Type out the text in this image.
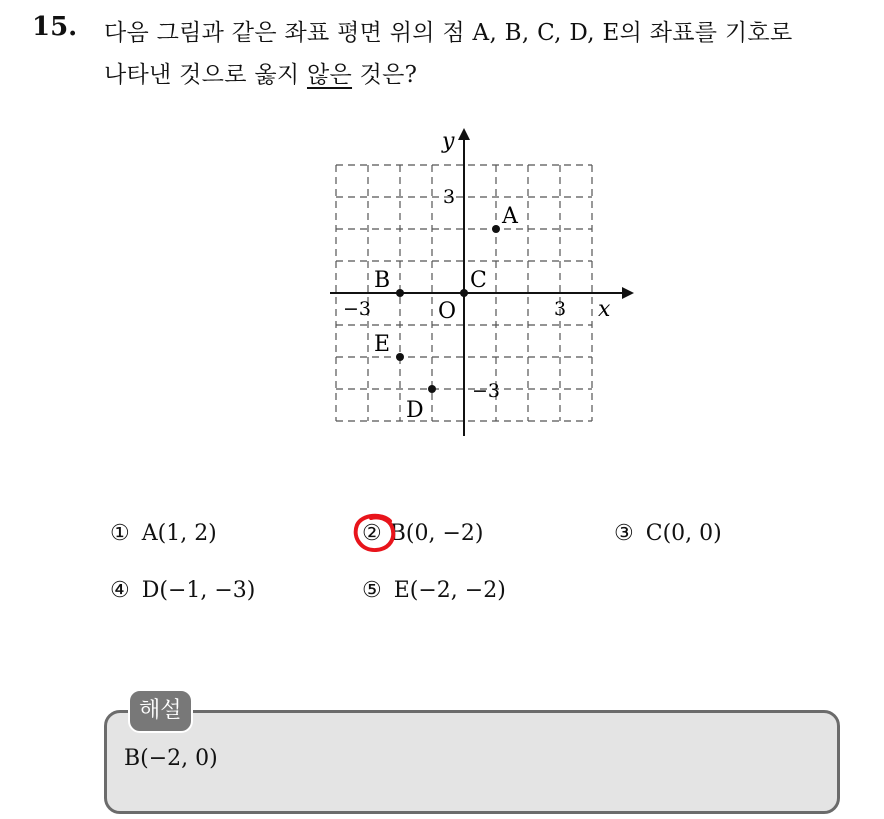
15. 다음 그림과 같은 좌표 평면 위의 점 A, B, C, D, E의 좌표를 기호로
나타낸 것으로 옳지 않은 것은?
x
y
O
−3	3
3
−3
A
B	C
D
E
① A(1, 2)	② B(0, −2)	③ C(0, 0)
④ D(−1, −3)	⑤ E(−2, −2)
해설
B(−2, 0)
